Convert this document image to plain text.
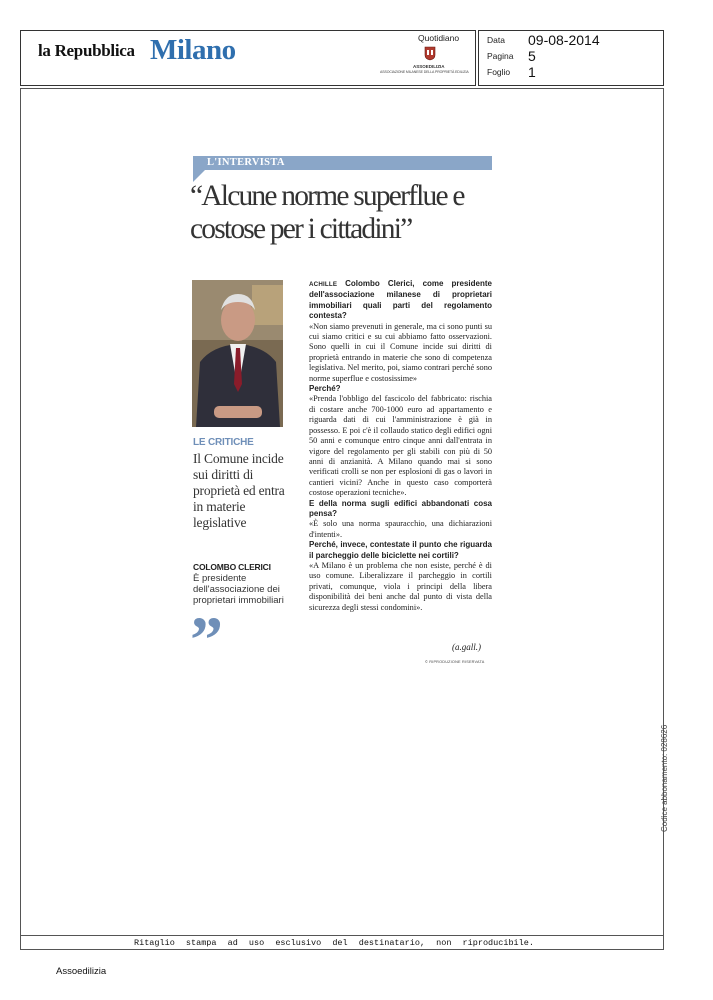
la Repubblica Milano	Quotidiano
ASSOEDILIZIA
ASSOCIAZIONE MILANESE DELLA PROPRIETÀ EDILIZIA
Data 09-08-2014
Pagina 5
Foglio 1
Ritaglio stampa ad uso esclusivo del destinatario, non riproducibile.
Codice abbonamento: 028626
Assoedilizia
L'INTERVISTA
“Alcune norme superflue e costose per i cittadini”
LE CRITICHE
Il Comune incide sui diritti di proprietà ed entra in materie legislative
COLOMBO CLERICI
È presidente dell'associazione dei proprietari immobiliari
”

ACHILLE Colombo Clerici, come presidente dell'associazione milanese di proprietari immobiliari quali parti del regolamento contesta?

«Non siamo prevenuti in generale, ma ci sono punti su cui siamo critici e su cui abbiamo fatto osservazioni. Sono quelli in cui il Comune incide sui diritti di proprietà entrando in materie che sono di competenza legislativa. Nel merito, poi, siamo contrari perché sono norme superflue e costosissime»

Perché?

«Prenda l'obbligo del fascicolo del fabbricato: rischia di costare anche 700-1000 euro ad appartamento e riguarda dati di cui l'amministrazione è già in possesso. E poi c'è il collaudo statico degli edifici ogni 50 anni e comunque entro cinque anni dall'entrata in vigore del regolamento per gli stabili con più di 50 anni di anzianità. A Milano quando mai si sono verificati crolli se non per esplosioni di gas o lavori in cantieri vicini? Anche in questo caso comporterà costose operazioni tecniche».

E della norma sugli edifici abbandonati cosa pensa?

«È solo una norma spauracchio, una dichiarazioni d'intenti».

Perché, invece, contestate il punto che riguarda il parcheggio delle biciclette nei cortili?

«A Milano è un problema che non esiste, perché è di uso comune. Liberalizzare il parcheggio in cortili privati, comunque, viola i principi della libera disponibilità dei beni anche dal punto di vista della sicurezza degli stessi condomini».

(a.gall.)
© RIPRODUZIONE RISERVATA
